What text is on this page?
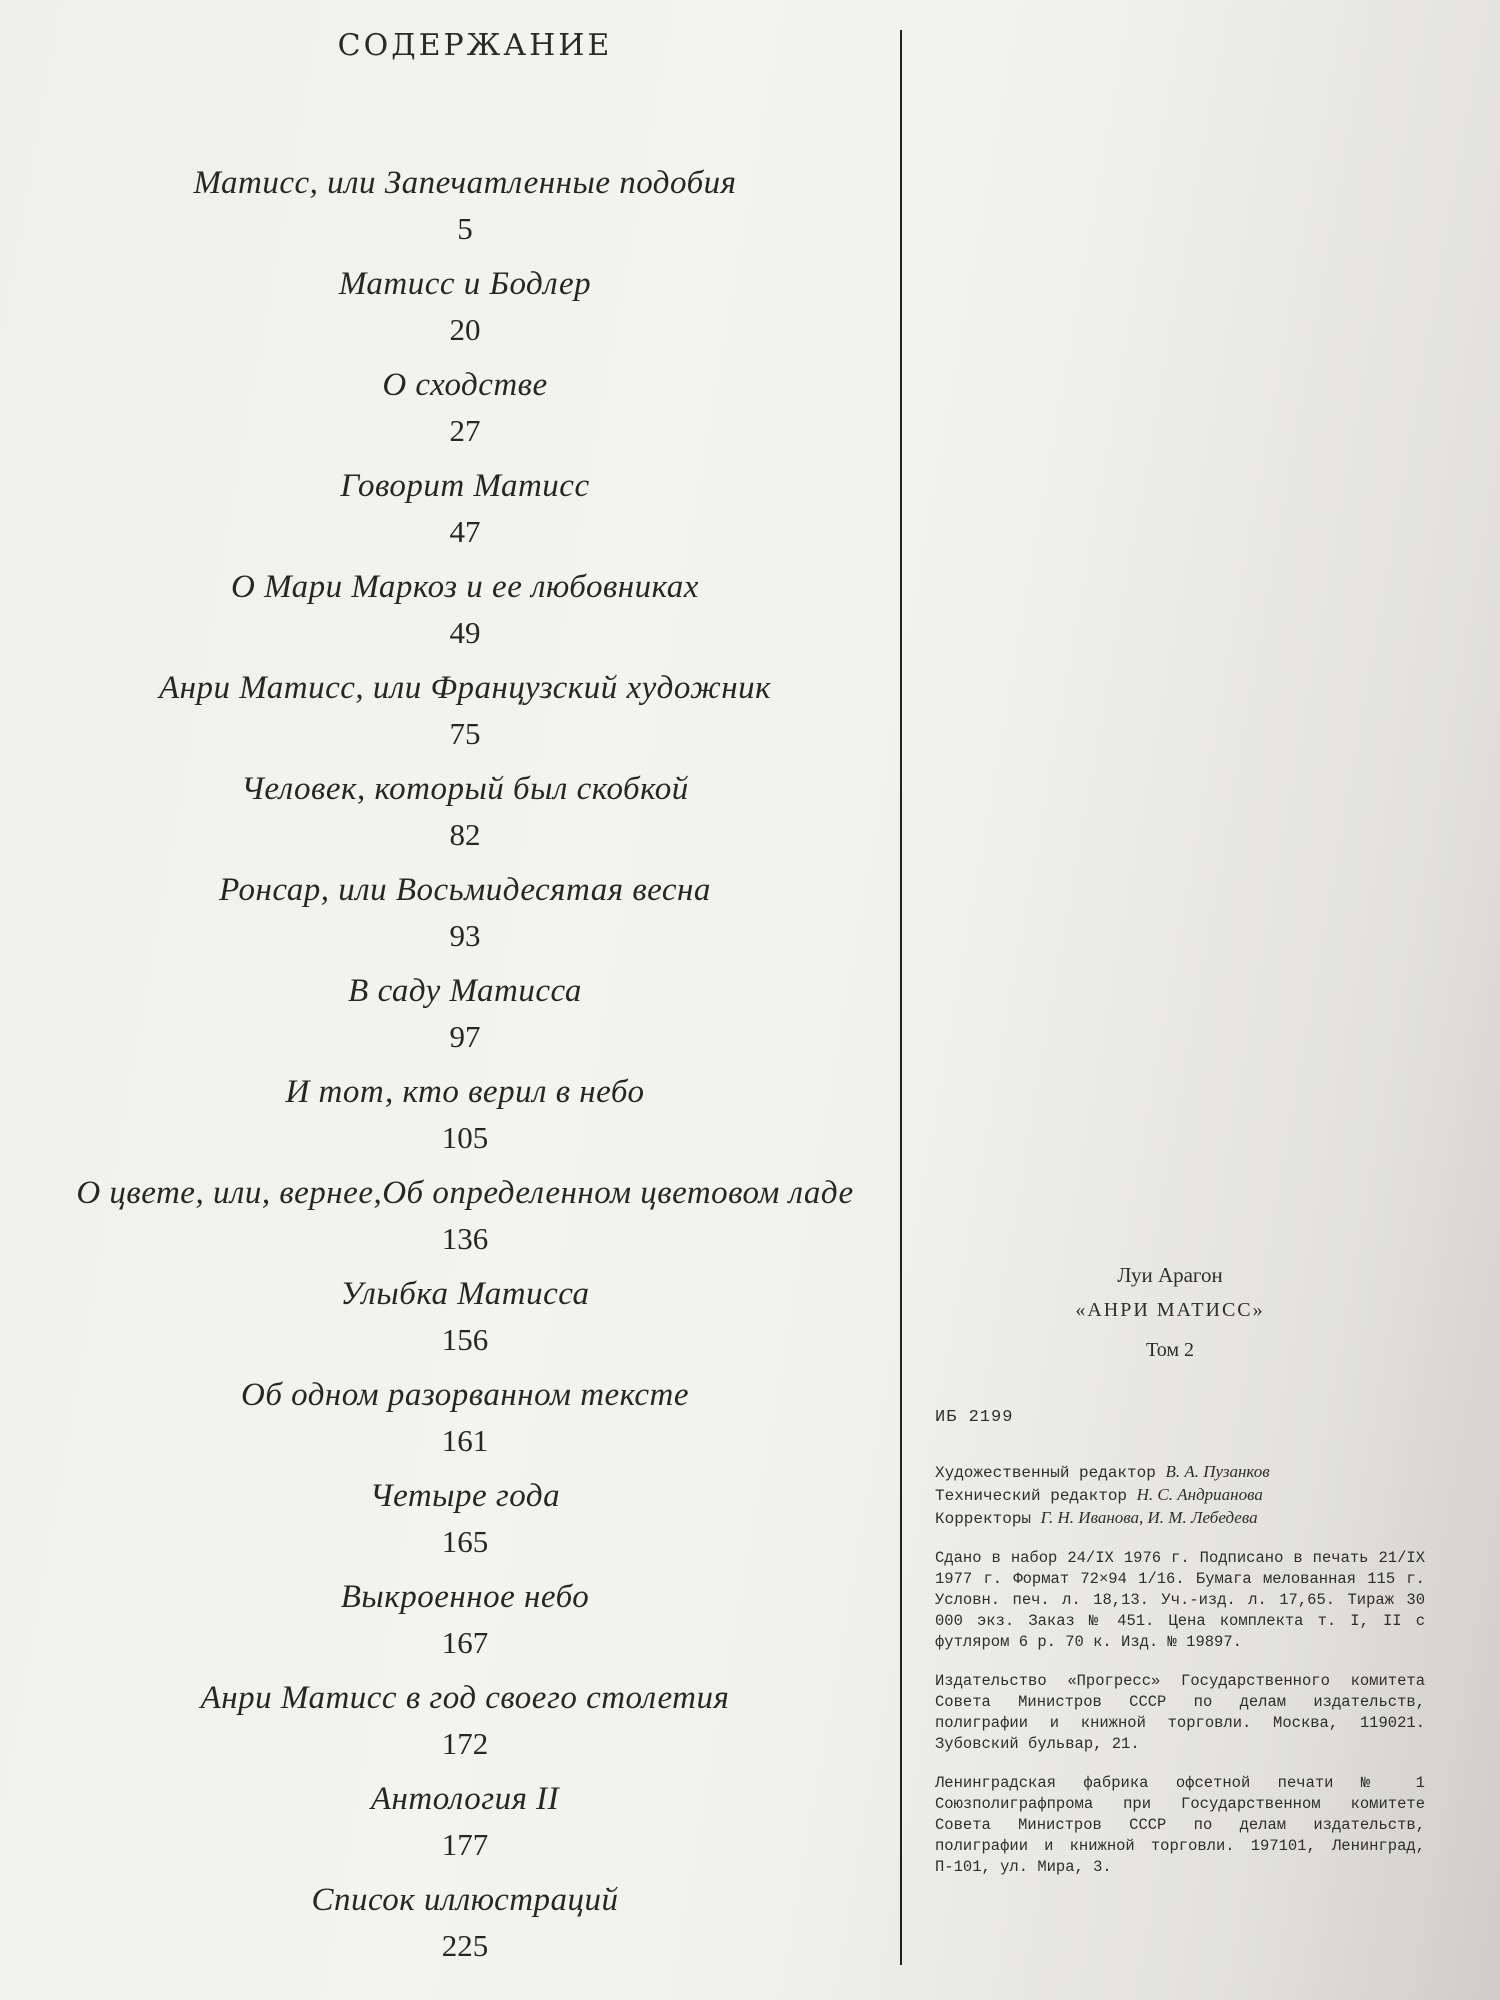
СОДЕРЖАНИЕ
Матисс, или Запечатленные подобия
5
Матисс и Бодлер
20
О сходстве
27
Говорит Матисс
47
О Мари Маркоз и ее любовниках
49
Анри Матисс, или Французский художник
75
Человек, который был скобкой
82
Ронсар, или Восьмидесятая весна
93
В саду Матисса
97
И тот, кто верил в небо
105
О цвете, или, вернее,Об определенном цветовом ладе
136
Улыбка Матисса
156
Об одном разорванном тексте
161
Четыре года
165
Выкроенное небо
167
Анри Матисс в год своего столетия
172
Антология II
177
Список иллюстраций
225
Луи Арагон
«АНРИ МАТИСС»
Том 2
ИБ 2199
Художественный редактор В. А. Пузанков
Технический редактор Н. С. Андрианова
Корректоры Г. Н. Иванова, И. М. Лебедева
Сдано в набор 24/IX 1976 г. Подписано в печать 21/IX 1977 г. Формат 72×94 1/16. Бумага мелованная 115 г. Условн. печ. л. 18,13. Уч.-изд. л. 17,65. Тираж 30 000 экз. Заказ № 451. Цена комплекта т. I, II с футляром 6 р. 70 к. Изд. № 19897.
Издательство «Прогресс» Государственного комитета Совета Министров СССР по делам издательств, полиграфии и книжной торговли. Москва, 119021. Зубовский бульвар, 21.
Ленинградская фабрика офсетной печати № 1 Союзполиграфпрома при Государственном комитете Совета Министров СССР по делам издательств, полиграфии и книжной торговли. 197101, Ленинград, П-101, ул. Мира, 3.
